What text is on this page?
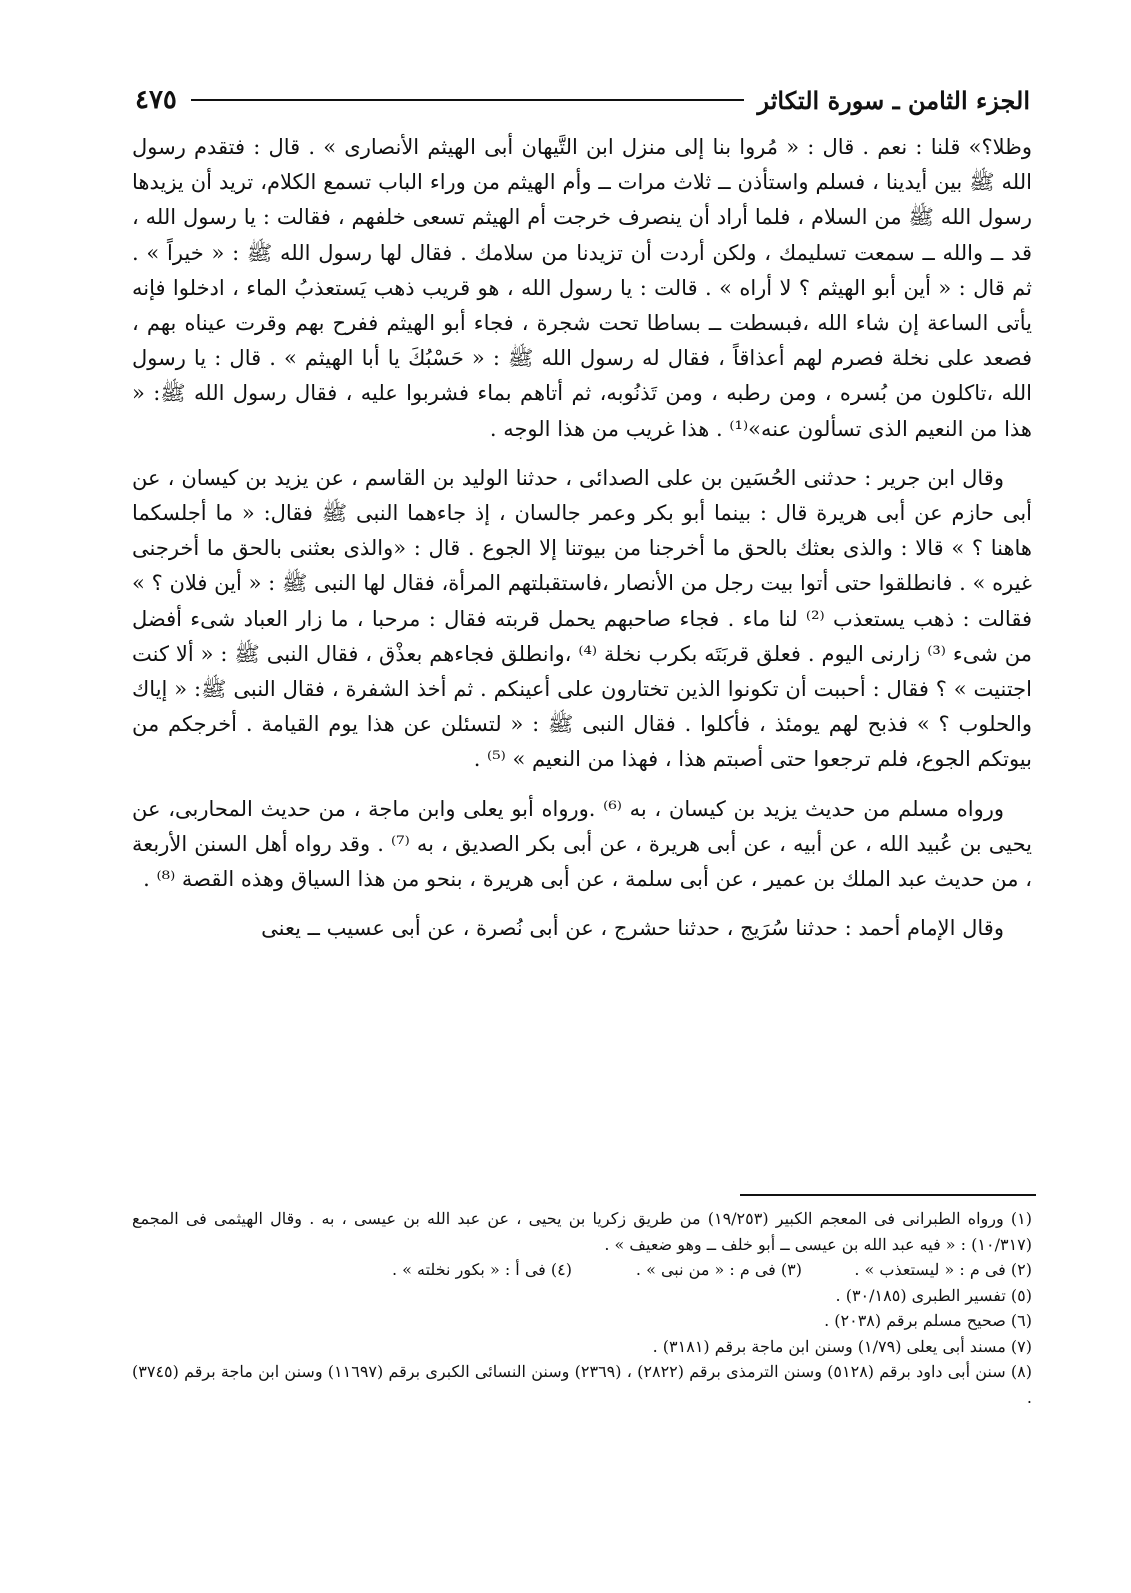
الجزء الثامن ـ سورة التكاثر
٤٧٥

وظلا؟» قلنا : نعم . قال : « مُروا بنا إلى منزل ابن التَّيهان أبى الهيثم الأنصارى » . قال : فتقدم رسول الله ﷺ بين أيدينا ، فسلم واستأذن ــ ثلاث مرات ــ وأم الهيثم من وراء الباب تسمع الكلام، تريد أن يزيدها رسول الله ﷺ من السلام ، فلما أراد أن ينصرف خرجت أم الهيثم تسعى خلفهم ، فقالت : يا رسول الله ، قد ــ والله ــ سمعت تسليمك ، ولكن أردت أن تزيدنا من سلامك . فقال لها رسول الله ﷺ : « خيراً » . ثم قال : « أين أبو الهيثم ؟ لا أراه » . قالت : يا رسول الله ، هو قريب ذهب يَستعذبُ الماء ، ادخلوا فإنه يأتى الساعة إن شاء الله ،فبسطت ــ بساطا تحت شجرة ، فجاء أبو الهيثم ففرح بهم وقرت عيناه بهم ، فصعد على نخلة فصرم لهم أعذاقاً ، فقال له رسول الله ﷺ : « حَسْبُكَ يا أبا الهيثم » . قال : يا رسول الله ،تاكلون من بُسره ، ومن رطبه ، ومن تَذنُوبه، ثم أتاهم بماء فشربوا عليه ، فقال رسول الله ﷺ: « هذا من النعيم الذى تسألون عنه»⁽¹⁾ . هذا غريب من هذا الوجه .

وقال ابن جرير : حدثنى الحُسَين بن على الصدائى ، حدثنا الوليد بن القاسم ، عن يزيد بن كيسان ، عن أبى حازم عن أبى هريرة قال : بينما أبو بكر وعمر جالسان ، إذ جاءهما النبى ﷺ فقال: « ما أجلسكما هاهنا ؟ » قالا : والذى بعثك بالحق ما أخرجنا من بيوتنا إلا الجوع . قال : «والذى بعثنى بالحق ما أخرجنى غيره » . فانطلقوا حتى أتوا بيت رجل من الأنصار ،فاستقبلتهم المرأة، فقال لها النبى ﷺ : « أين فلان ؟ » فقالت : ذهب يستعذب ⁽²⁾ لنا ماء . فجاء صاحبهم يحمل قربته فقال : مرحبا ، ما زار العباد شىء أفضل من شىء ⁽³⁾ زارنى اليوم . فعلق قربَتَه بكرب نخلة ⁽⁴⁾ ،وانطلق فجاءهم بعذْق ، فقال النبى ﷺ : « ألا كنت اجتنيت » ؟ فقال : أحببت أن تكونوا الذين تختارون على أعينكم . ثم أخذ الشفرة ، فقال النبى ﷺ: « إياك والحلوب ؟ » فذبح لهم يومئذ ، فأكلوا . فقال النبى ﷺ : « لتسئلن عن هذا يوم القيامة . أخرجكم من بيوتكم الجوع، فلم ترجعوا حتى أصبتم هذا ، فهذا من النعيم » ⁽⁵⁾ .

ورواه مسلم من حديث يزيد بن كيسان ، به ⁽⁶⁾ .ورواه أبو يعلى وابن ماجة ، من حديث المحاربى، عن يحيى بن عُبيد الله ، عن أبيه ، عن أبى هريرة ، عن أبى بكر الصديق ، به ⁽⁷⁾ . وقد رواه أهل السنن الأربعة ، من حديث عبد الملك بن عمير ، عن أبى سلمة ، عن أبى هريرة ، بنحو من هذا السياق وهذه القصة ⁽⁸⁾ .

وقال الإمام أحمد : حدثنا سُرَيج ، حدثنا حشرج ، عن أبى نُصرة ، عن أبى عسيب ــ يعنى

(١) ورواه الطبرانى فى المعجم الكبير (١٩/٢٥٣) من طريق زكريا بن يحيى ، عن عبد الله بن عيسى ، به . وقال الهيثمى فى المجمع (١٠/٣١٧) : « فيه عبد الله بن عيسى ــ أبو خلف ــ وهو ضعيف » .

(٢) فى م : « ليستعذب » .
(٣) فى م : « من نبى » .
(٤) فى أ : « بكور نخلته » .

(٥) تفسير الطبرى (٣٠/١٨٥) .

(٦) صحيح مسلم برقم (٢٠٣٨) .

(٧) مسند أبى يعلى (١/٧٩) وسنن ابن ماجة برقم (٣١٨١) .

(٨) سنن أبى داود برقم (٥١٢٨) وسنن الترمذى برقم (٢٨٢٢) ، (٢٣٦٩) وسنن النسائى الكبرى برقم (١١٦٩٧) وسنن ابن ماجة برقم (٣٧٤٥) .
